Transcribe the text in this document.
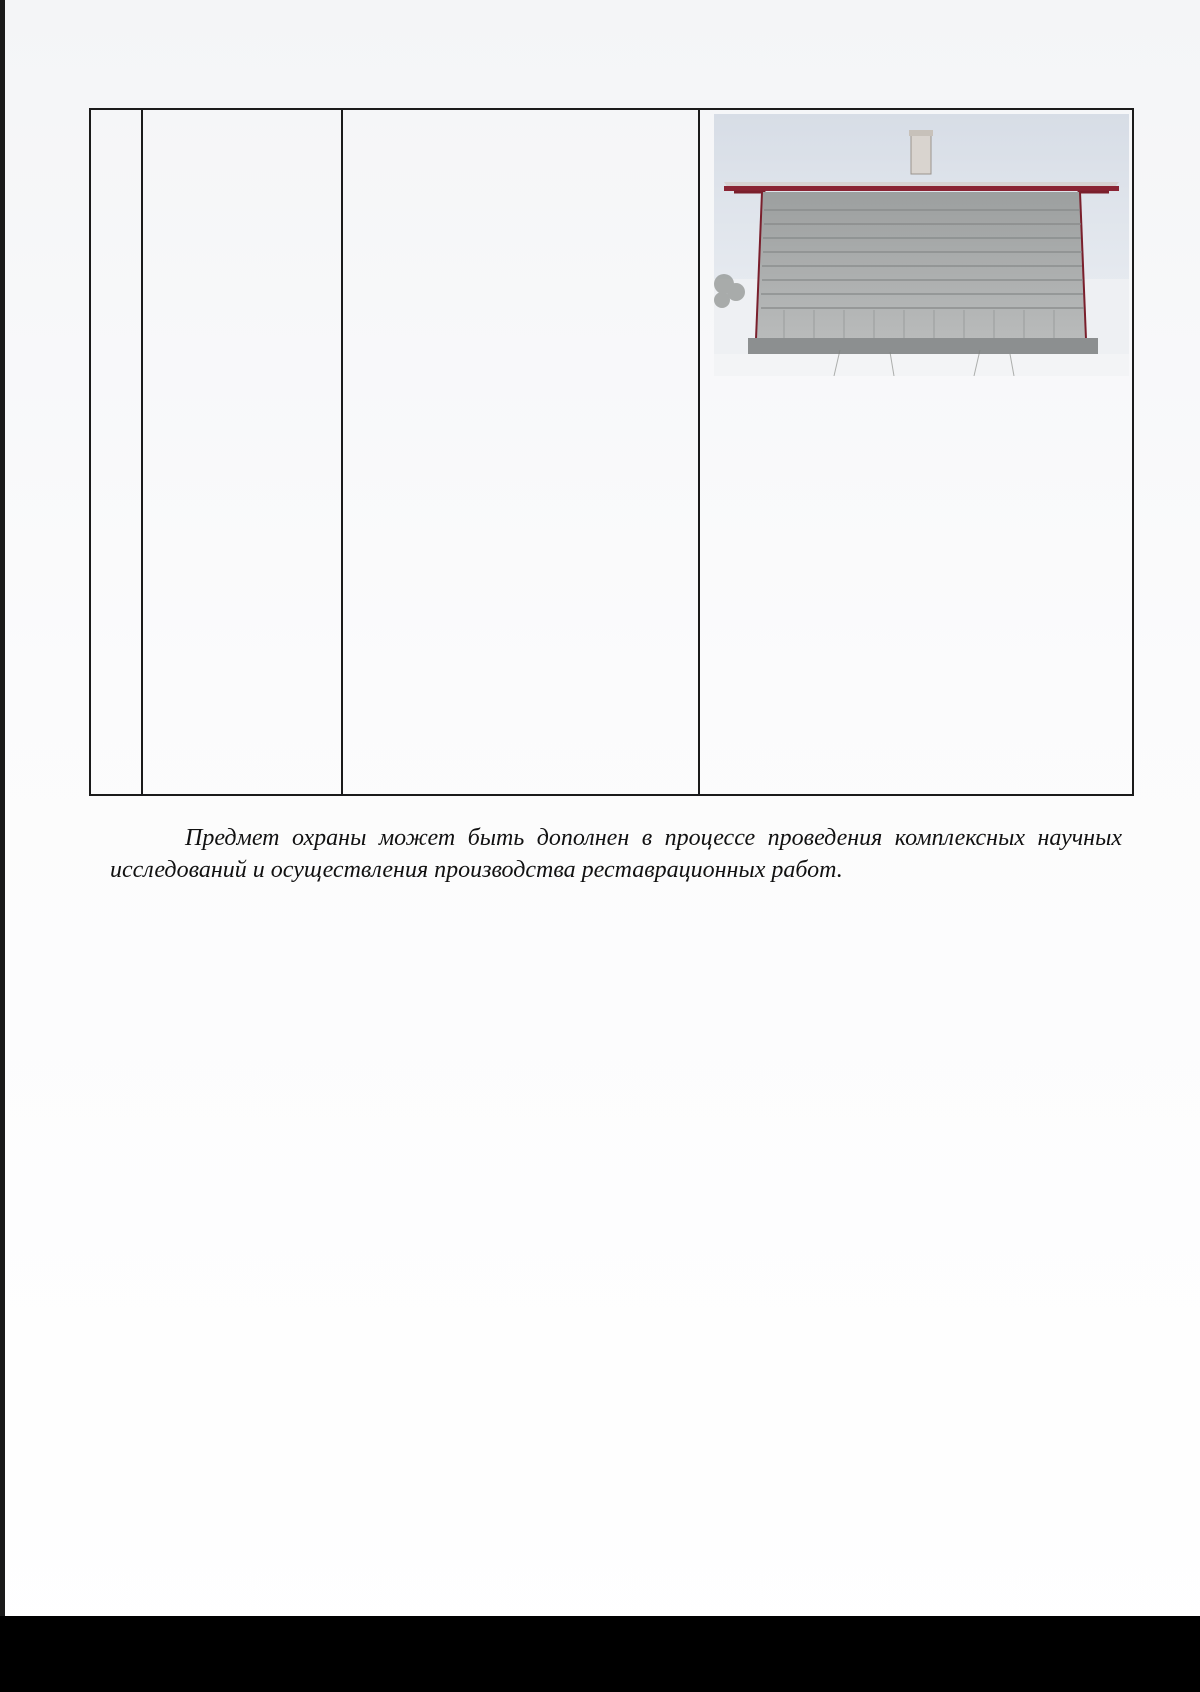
Предмет охраны может быть дополнен в процессе проведения комплексных научных исследований и осуществления производства реставрационных работ.
